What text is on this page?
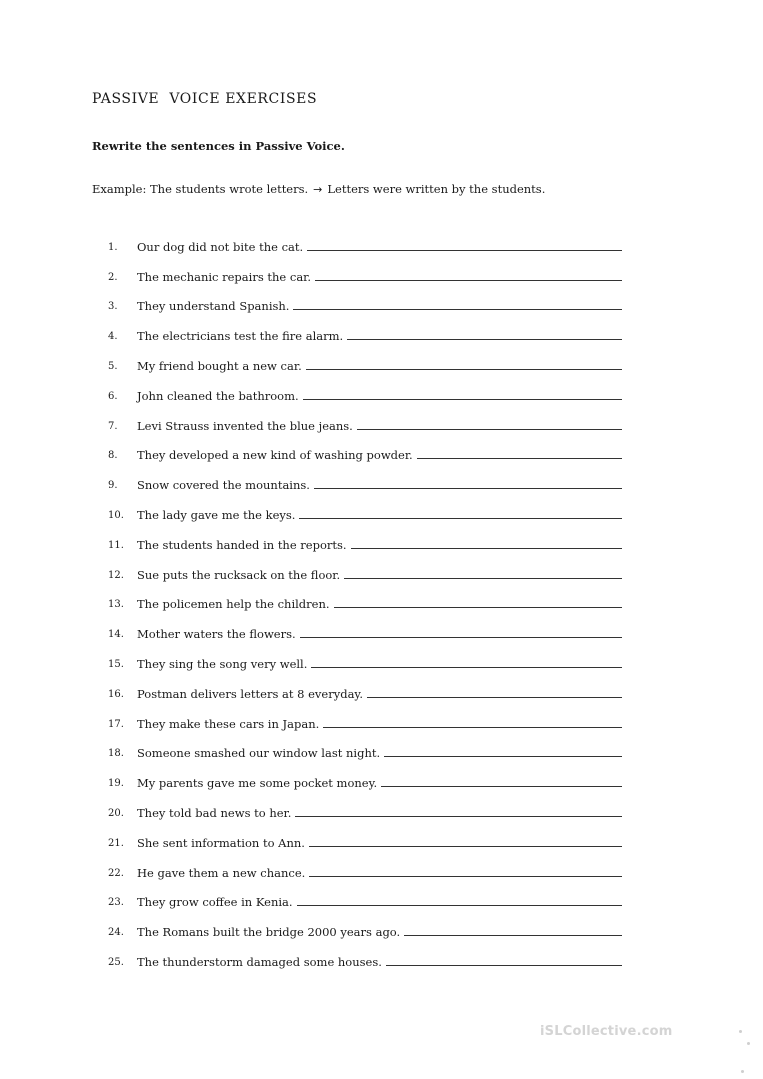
PASSIVE  VOICE EXERCISES
Rewrite the sentences in Passive Voice.
Example: The students wrote letters. → Letters were written by the students.
1.	Our dog did not bite the cat.
2.	The mechanic repairs the car.
3.	They understand Spanish.
4.	The electricians test the fire alarm.
5.	My friend bought a new car.
6.	John cleaned the bathroom.
7.	Levi Strauss invented the blue jeans.
8.	They developed a new kind of washing powder.
9.	Snow covered the mountains.
10.	The lady gave me the keys.
11.	The students handed in the reports.
12.	Sue puts the rucksack on the floor.
13.	The policemen help the children.
14.	Mother waters the flowers.
15.	They sing the song very well.
16.	Postman delivers letters at 8 everyday.
17.	They make these cars in Japan.
18.	Someone smashed our window last night.
19.	My parents gave me some pocket money.
20.	They told bad news to her.
21.	She sent information to Ann.
22.	He gave them a new chance.
23.	They grow coffee in Kenia.
24.	The Romans built the bridge 2000 years ago.
25.	The thunderstorm damaged some houses.
iSLCollective.com
